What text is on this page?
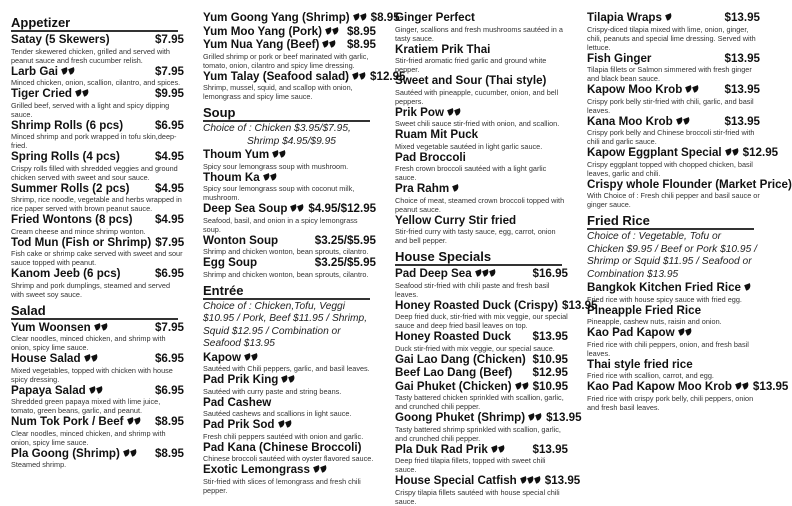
Appetizer
Satay (5 Skewers)	$7.95
Tender skewered chicken, grilled and served with peanut sauce and fresh cucumber relish.
Larb Gai	$7.95
Minced chicken, onion, scallion, cilantro, and spices.
Tiger Cried	$9.95
Grilled beef, served with a light and spicy dipping sauce.
Shrimp Rolls (6 pcs)	$6.95
Minced shrimp and pork wrapped in tofu skin,deep-fried.
Spring Rolls (4 pcs)	$4.95
Crispy rolls filled with shredded veggies and ground chicken served with sweet and sour sauce.
Summer Rolls (2 pcs) $4.95
Shrimp, rice noodle, vegetable and herbs wrapped in rice paper served with brown peanut sauce.
Fried Wontons (8 pcs) $4.95
Cream cheese and mince shrimp wonton.
Tod Mun (Fish or Shrimp) $7.95
Fish cake or shrimp cake served with sweet and sour sauce topped with peanut.
Kanom Jeeb (6 pcs)	$6.95
Shrimp and pork dumplings, steamed and served with sweet soy sauce.
Salad
Yum Woonsen	$7.95
Clear noodles, minced chicken, and shrimp with onion, spicy lime sauce.
House Salad	$6.95
Mixed vegetables, topped with chicken with house spicy dressing.
Papaya Salad	$6.95
Shredded green papaya mixed with lime juice, tomato, green beans, garlic, and peanut.
Num Tok Pork / Beef	$8.95
Clear noodles, minced chicken, and shrimp with onion, spicy lime sauce.
Pla Goong (Shrimp)	$8.95
Steamed shrimp.
Yum Goong Yang (Shrimp)	$8.95
Yum Moo Yang (Pork)	$8.95
Yum Nua Yang (Beef)	$8.95
Grilled shrimp or pork or beef marinated with garlic, tomato, onion, cilantro and spicy lime dressing.
Yum Talay (Seafood salad)	$12.95
Shrimp, mussel, squid, and scallop with onion, lemongrass and spicy lime sauce.
Soup
Choice of : Chicken $3.95/$7.95,
Shrimp $4.95/$9.95
Thoum Yum
Spicy sour lemongrass soup with mushroom.
Thoum Ka
Spicy sour lemongrass soup with coconut milk, mushroom.
Deep Sea Soup	$4.95/$12.95
Seafood, basil, and onion in a spicy lemongrass soup.
Wonton Soup	$3.25/$5.95
Shrimp and chicken wonton, bean sprouts, cilantro.
Egg Soup	$3.25/$5.95
Shrimp and chicken wonton, bean sprouts, cilantro.
Entrée
Choice of : Chicken,Tofu, Veggi $10.95 / Pork, Beef $11.95 / Shrimp, Squid $12.95 / Combination or Seafood $13.95
Kapow
Sautéed with Chili peppers, garlic, and basil leaves.
Pad Prik King
Sautéed with curry paste and string beans.
Pad Cashew
Sautéed cashews and scallions in light sauce.
Pad Prik Sod
Fresh chili peppers sautéed with onion and garlic.
Pad Kana (Chinese Broccoli)
Chinese broccoli sautéed with oyster flavored sauce.
Exotic Lemongrass
Stir-fried with slices of lemongrass and fresh chili pepper.
Ginger Perfect
Ginger, scallions and fresh mushrooms sautéed in a tasty sauce.
Kratiem Prik Thai
Stir-fried aromatic fried garlic and ground white pepper.
Sweet and Sour (Thai style)
Sautéed with pineapple, cucumber, onion, and bell peppers.
Prik Pow
Sweet chili sauce stir-fried with onion, and scallion.
Ruam Mit Puck
Mixed vegetable sautéed in light garlic sauce.
Pad Broccoli
Fresh crown broccoli sautéed with a light garlic sauce.
Pra Rahm
Choice of meat, steamed crown broccoli topped with peanut sauce.
Yellow Curry Stir fried
Stir-fried curry with tasty sauce, egg, carrot, onion and bell pepper.
House Specials
Pad Deep Sea	$16.95
Seafood stir-fried with chili paste and fresh basil leaves.
Honey Roasted Duck (Crispy) $13.95
Deep fried duck, stir-fried with mix veggie, our special sauce and deep fried basil leaves on top.
Honey Roasted Duck $13.95
Duck stir-fried with mix veggie, our special sauce.
Gai Lao Dang (Chicken) $10.95
Beef Lao Dang (Beef) $12.95
Gai Phuket (Chicken)	$10.95
Tasty battered chicken sprinkled with scallion, garlic, and crunched chili pepper.
Goong Phuket (Shrimp)	$13.95
Tasty battered shrimp sprinkled with scallion, garlic, and crunched chili pepper.
Pla Duk Rad Prik	$13.95
Deep fried tilapia fillets, topped with sweet chili sauce.
House Special Catfish	$13.95
Crispy tilapia fillets sautéed with house special chili sauce.
Tilapia Wraps	$13.95
Crispy-diced tilapia mixed with lime, onion, ginger, chili, peanuts and special lime dressing. Served with lettuce.
Fish Ginger	$13.95
Tilapia fillets or Salmon simmered with fresh ginger and black bean sauce.
Kapow Moo Krob	$13.95
Crispy pork belly stir-fried with chili, garlic, and basil leaves.
Kana Moo Krob	$13.95
Crispy pork belly and Chinese broccoli stir-fried with chili and garlic sauce.
Kapow Eggplant Special	$12.95
Crispy eggplant topped with chopped chicken, basil leaves, garlic and chili.
Crispy whole Flounder (Market Price)
With Choice of : Fresh chili pepper and basil sauce or ginger sauce.
Fried Rice
Choice of : Vegetable, Tofu or Chicken $9.95 / Beef or Pork $10.95 / Shrimp or Squid $11.95 / Seafood or Combination $13.95
Bangkok Kitchen Fried Rice
Fried rice with house spicy sauce with fried egg.
Pineapple Fried Rice
Pineapple, cashew nuts, raisin and onion.
Kao Pad Kapow
Fried rice with chili peppers, onion, and fresh basil leaves.
Thai style fried rice
Fried rice with scallion, carrot, and egg.
Kao Pad Kapow Moo Krob	$13.95
Fried rice with crispy pork belly, chili peppers, onion and fresh basil leaves.
